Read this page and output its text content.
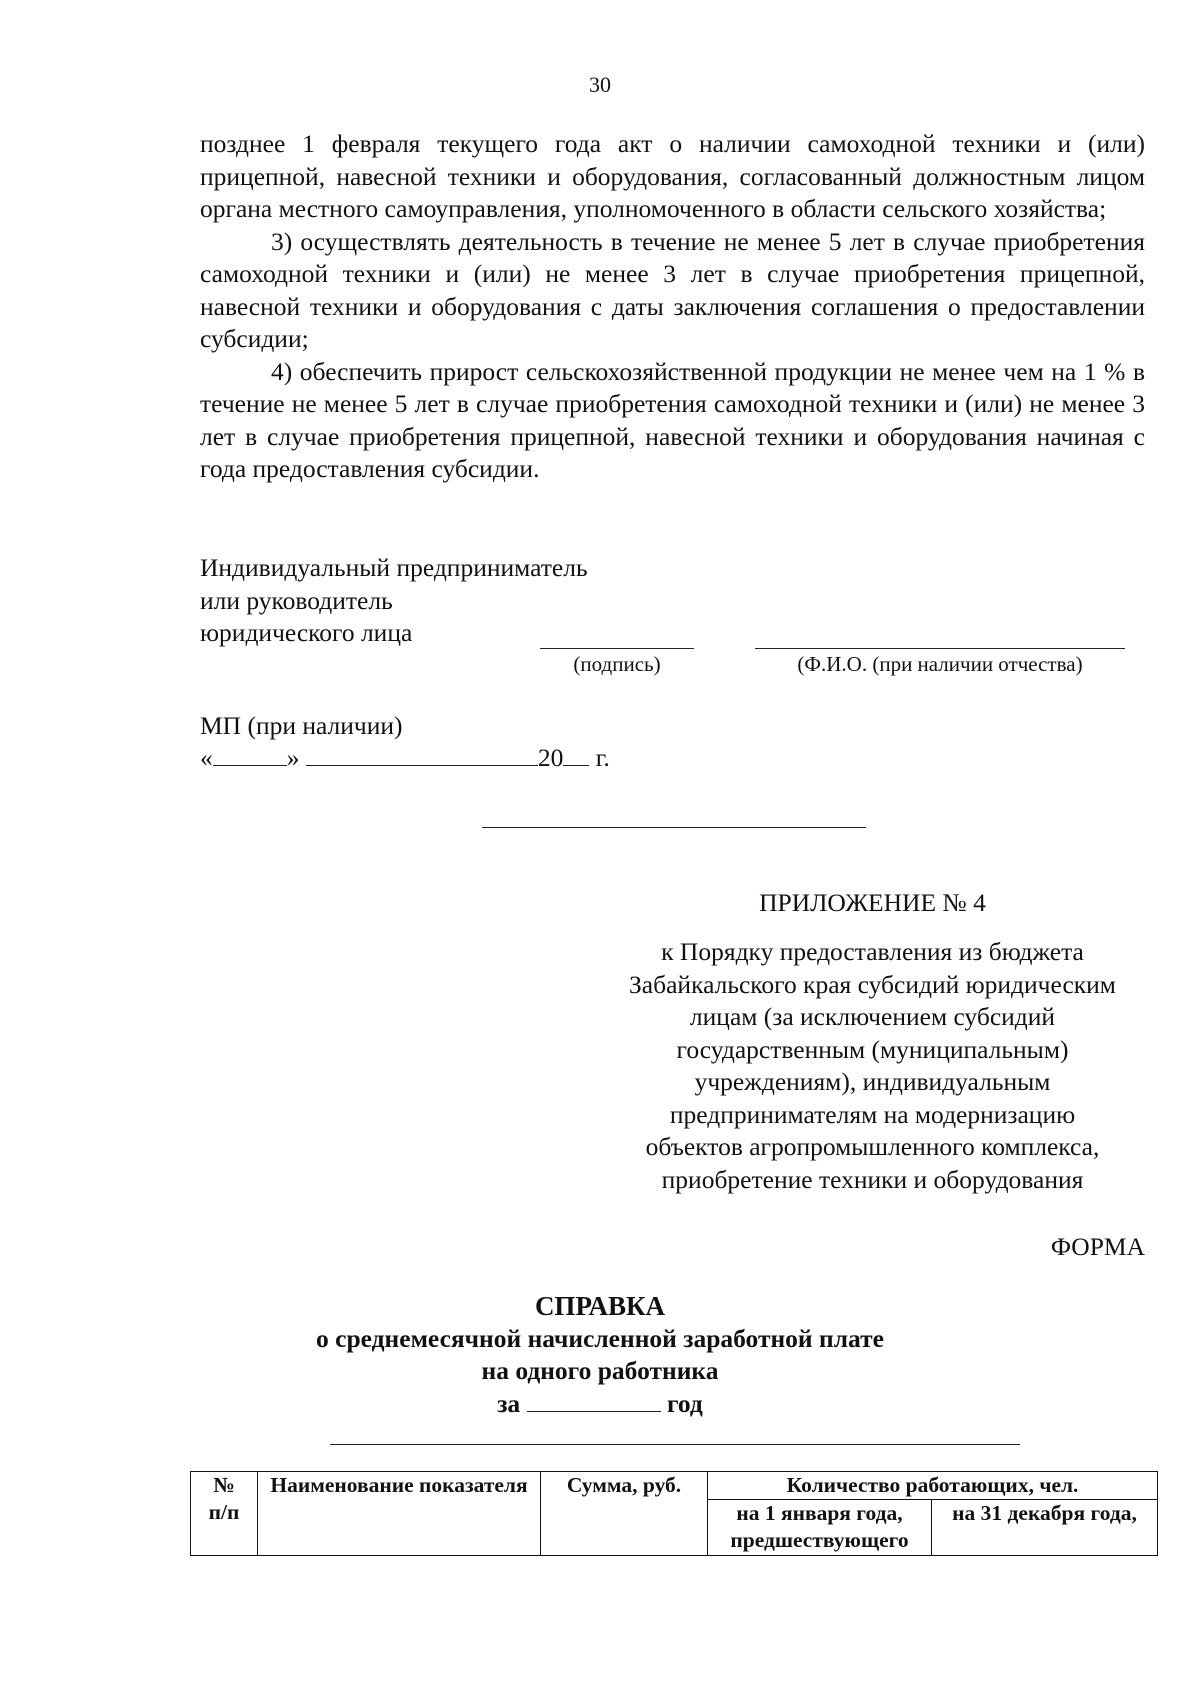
30

позднее 1 февраля текущего года акт о наличии самоходной техники и (или) прицепной, навесной техники и оборудования, согласованный должностным лицом органа местного самоуправления, уполномоченного в области сельского хозяйства;

3) осуществлять деятельность в течение не менее 5 лет в случае приобретения самоходной техники и (или) не менее 3 лет в случае приобретения прицепной, навесной техники и оборудования с даты заключения соглашения о предоставлении субсидии;

4) обеспечить прирост сельскохозяйственной продукции не менее чем на 1 % в течение не менее 5 лет в случае приобретения самоходной техники и (или) не менее 3 лет в случае приобретения прицепной, навесной техники и оборудования начиная с года предоставления субсидии.

Индивидуальный предприниматель
или руководитель
юридического лица
(подпись)	(Ф.И.О. (при наличии отчества)
МП (при наличии)
«	»	20 г.
ПРИЛОЖЕНИЕ № 4
к Порядку предоставления из бюджета
Забайкальского края субсидий юридическим
лицам (за исключением субсидий
государственным (муниципальным)
учреждениям), индивидуальным
предпринимателям на модернизацию
объектов агропромышленного комплекса,
приобретение техники и оборудования
ФОРМА
СПРАВКА
о среднемесячной начисленной заработной плате
на одного работника
за	год
№
п/п	Наименование показателя	Сумма, руб.	Количество работающих, чел.	
			на 1 января года, предшествующего	на 31 декабря года,
